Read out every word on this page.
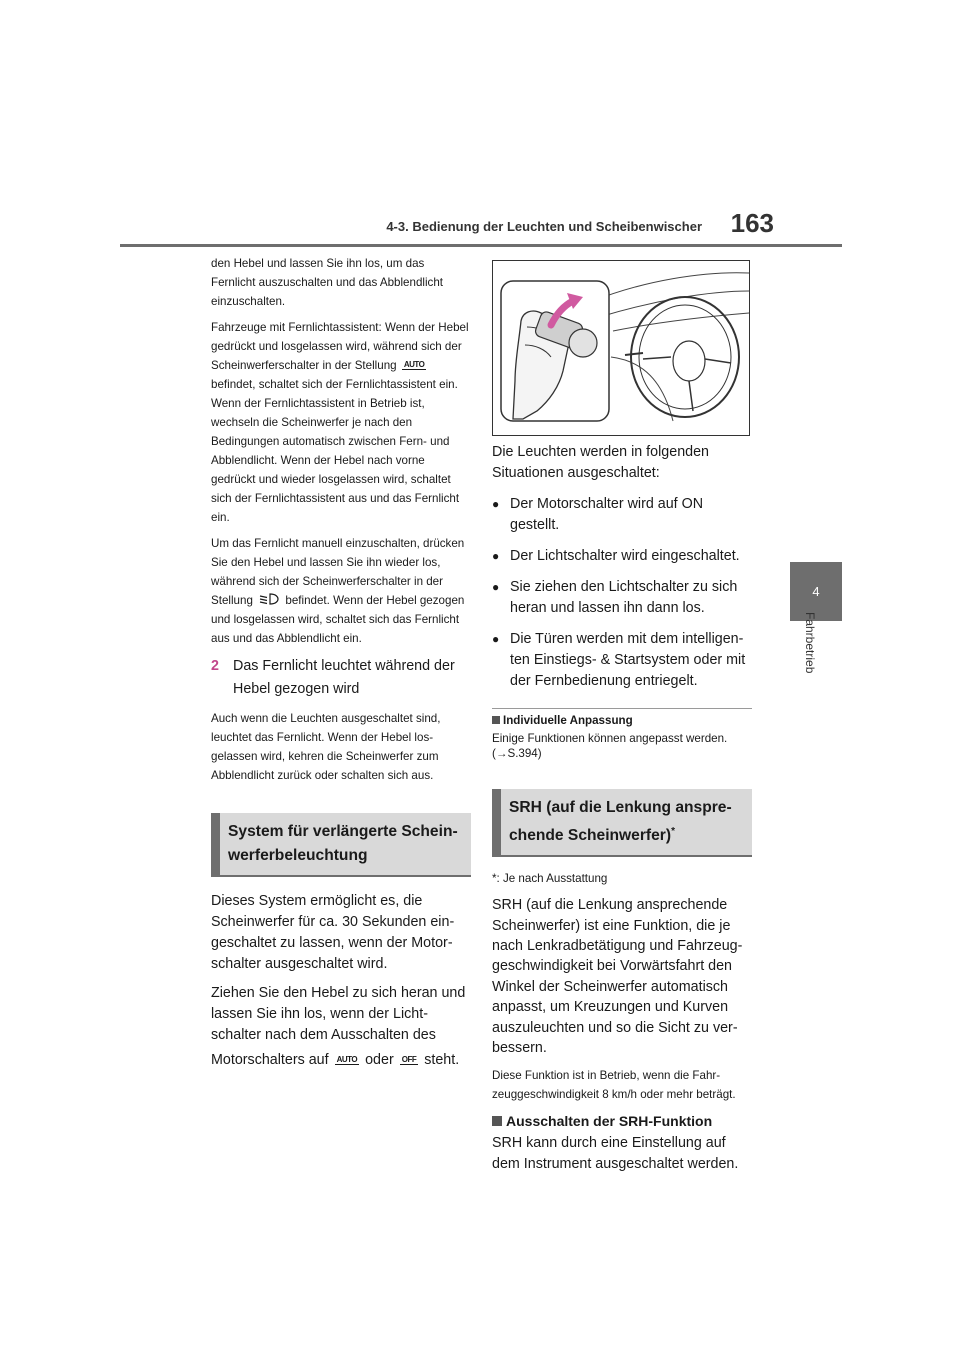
4-3. Bedienung der Leuchten und Scheibenwischer	163
4
Fahrbetrieb

den Hebel und lassen Sie ihn los, um das Fernlicht auszuschalten und das Abblendlicht einzuschalten.

Fahrzeuge mit Fernlichtassistent: Wenn der Hebel gedrückt und losgelassen wird, während sich der Scheinwerferschalter in der Stellung AUTO befindet, schaltet sich der Fernlichtassistent ein. Wenn der Fernlichtassistent in Betrieb ist, wechseln die Scheinwerfer je nach den Bedingungen automatisch zwischen Fern- und Abblendlicht. Wenn der Hebel nach vorne gedrückt und wieder losgelassen wird, schaltet sich der Fernlichtassistent aus und das Fernlicht ein.
Um das Fernlicht manuell einzuschalten, drücken Sie den Hebel und lassen Sie ihn wieder los, während sich der Scheinwerferschalter in der Stellung	befindet. Wenn der Hebel gezogen und losgelassen wird, schaltet sich das Fernlicht aus und das Abblendlicht ein.
2 Das Fernlicht leuchtet während der Hebel gezogen wird

Auch wenn die Leuchten ausgeschaltet sind, leuchtet das Fernlicht. Wenn der Hebel losgelassen wird, kehren die Scheinwerfer zum Abblendlicht zurück oder schalten sich aus.

System für verlängerte Scheinwerferbeleuchtung

Dieses System ermöglicht es, die Scheinwerfer für ca. 30 Sekunden eingeschaltet zu lassen, wenn der Motorschalter ausgeschaltet wird.

Ziehen Sie den Hebel zu sich heran und lassen Sie ihn los, wenn der Lichtschalter nach dem Ausschalten des

Motorschalters auf AUTO oder OFF steht.

Die Leuchten werden in folgenden Situationen ausgeschaltet:

● Der Motorschalter wird auf ON gestellt.
● Der Lichtschalter wird eingeschaltet.
● Sie ziehen den Lichtschalter zu sich heran und lassen ihn dann los.
● Die Türen werden mit dem intelligenten Einstiegs- & Startsystem oder mit der Fernbedienung entriegelt.
Individuelle Anpassung
Einige Funktionen können angepasst werden. (→S.394)
SRH (auf die Lenkung ansprechende Scheinwerfer)*
*: Je nach Ausstattung

SRH (auf die Lenkung ansprechende Scheinwerfer) ist eine Funktion, die je nach Lenkradbetätigung und Fahrzeuggeschwindigkeit bei Vorwärtsfahrt den Winkel der Scheinwerfer automatisch anpasst, um Kreuzungen und Kurven auszuleuchten und so die Sicht zu verbessern.

Diese Funktion ist in Betrieb, wenn die Fahrzeuggeschwindigkeit 8 km/h oder mehr beträgt.

Ausschalten der SRH-Funktion

SRH kann durch eine Einstellung auf dem Instrument ausgeschaltet werden.
